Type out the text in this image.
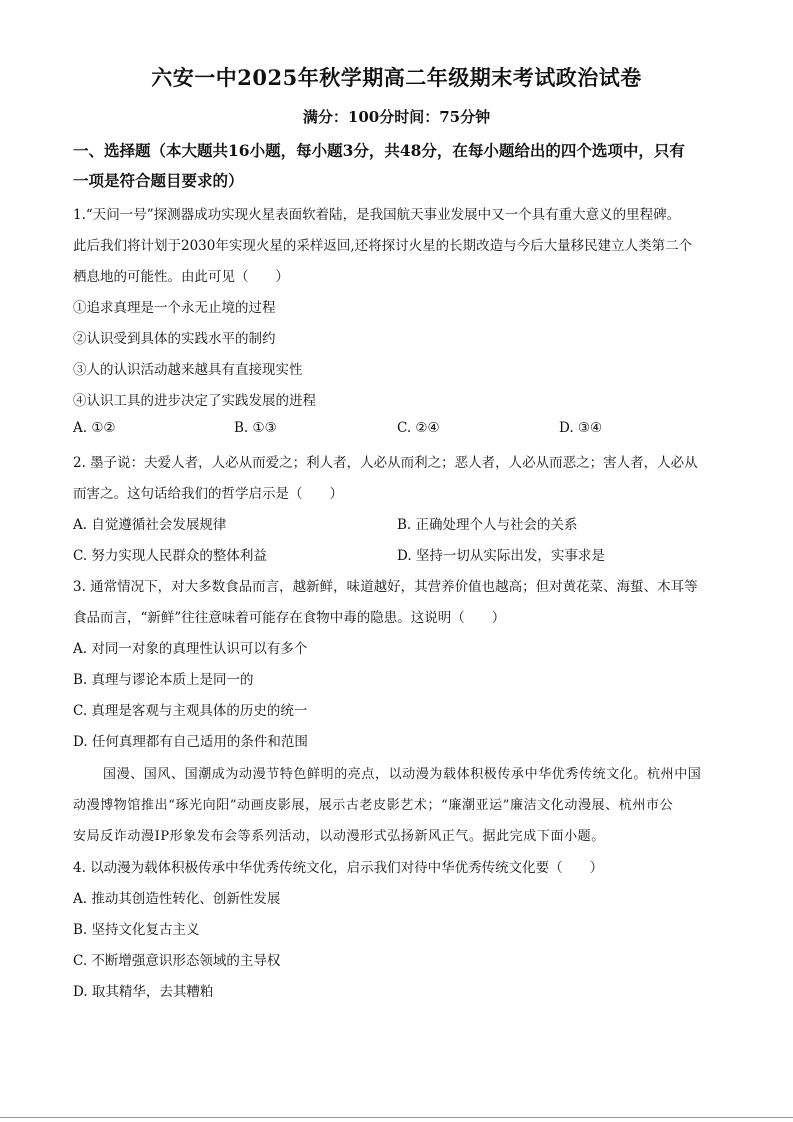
六安一中2025年秋学期高二年级期末考试政治试卷
满分：100分时间：75分钟
一、选择题（本大题共16小题，每小题3分，共48分，在每小题给出的四个选项中，只有
一项是符合题目要求的）
1.“天问一号”探测器成功实现火星表面软着陆，是我国航天事业发展中又一个具有重大意义的里程碑。
此后我们将计划于2030年实现火星的采样返回,还将探讨火星的长期改造与今后大量移民建立人类第二个
栖息地的可能性。由此可见（　　）
①追求真理是一个永无止境的过程
②认识受到具体的实践水平的制约
③人的认识活动越来越具有直接现实性
④认识工具的进步决定了实践发展的进程
A. ①②	B. ①③	C. ②④	D. ③④
2. 墨子说：夫爱人者，人必从而爱之；利人者，人必从而利之；恶人者，人必从而恶之；害人者，人必从
而害之。这句话给我们的哲学启示是（　　）
A. 自觉遵循社会发展规律	B. 正确处理个人与社会的关系
C. 努力实现人民群众的整体利益	D. 坚持一切从实际出发，实事求是
3. 通常情况下，对大多数食品而言，越新鲜，味道越好，其营养价值也越高；但对黄花菜、海蜇、木耳等
食品而言，“新鲜”往往意味着可能存在食物中毒的隐患。这说明（　　）
A. 对同一对象的真理性认识可以有多个
B. 真理与谬论本质上是同一的
C. 真理是客观与主观具体的历史的统一
D. 任何真理都有自己适用的条件和范围
国漫、国风、国潮成为动漫节特色鲜明的亮点，以动漫为载体积极传承中华优秀传统文化。杭州中国
动漫博物馆推出“琢光向阳”动画皮影展，展示古老皮影艺术；“廉潮亚运”廉洁文化动漫展、杭州市公
安局反诈动漫IP形象发布会等系列活动，以动漫形式弘扬新风正气。据此完成下面小题。
4. 以动漫为载体积极传承中华优秀传统文化，启示我们对待中华优秀传统文化要（　　）
A. 推动其创造性转化、创新性发展
B. 坚持文化复古主义
C. 不断增强意识形态领域的主导权
D. 取其精华，去其糟粕
